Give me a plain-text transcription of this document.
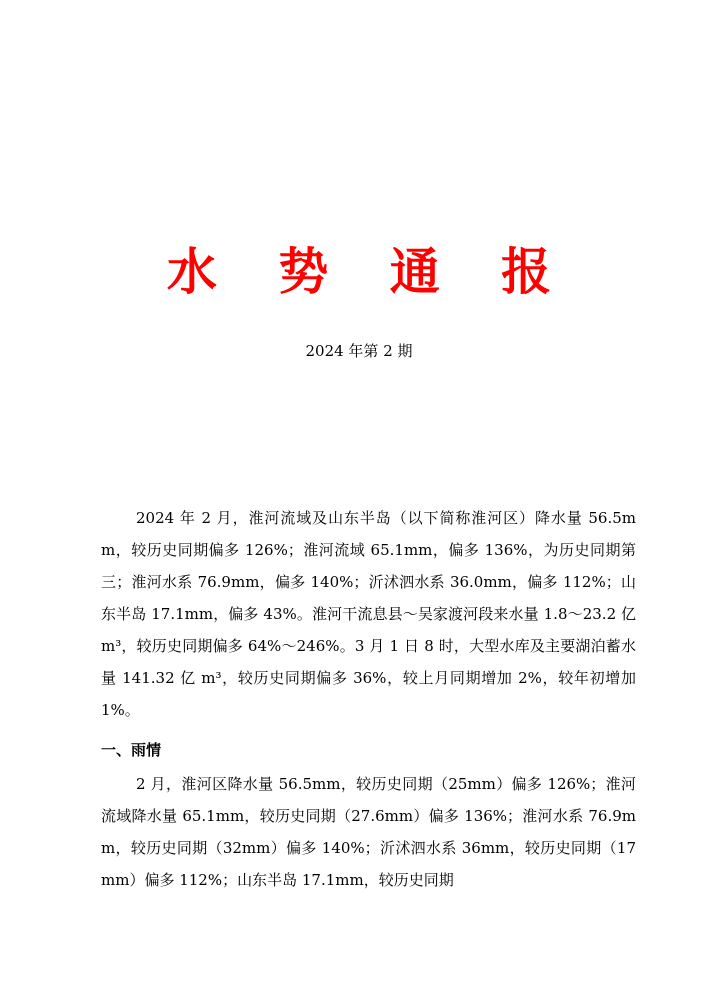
水 势 通 报
2024 年第 2 期

2024 年 2 月，淮河流域及山东半岛（以下简称淮河区）降水量 56.5mm，较历史同期偏多 126%；淮河流域 65.1mm，偏多 136%，为历史同期第三；淮河水系 76.9mm，偏多 140%；沂沭泗水系 36.0mm，偏多 112%；山东半岛 17.1mm，偏多 43%。淮河干流息县～吴家渡河段来水量 1.8～23.2 亿 m³，较历史同期偏多 64%～246%。3 月 1 日 8 时，大型水库及主要湖泊蓄水量 141.32 亿 m³，较历史同期偏多 36%，较上月同期增加 2%，较年初增加 1%。

一、雨情

2 月，淮河区降水量 56.5mm，较历史同期（25mm）偏多 126%；淮河流域降水量 65.1mm，较历史同期（27.6mm）偏多 136%；淮河水系 76.9mm，较历史同期（32mm）偏多 140%；沂沭泗水系 36mm，较历史同期（17mm）偏多 112%；山东半岛 17.1mm，较历史同期
